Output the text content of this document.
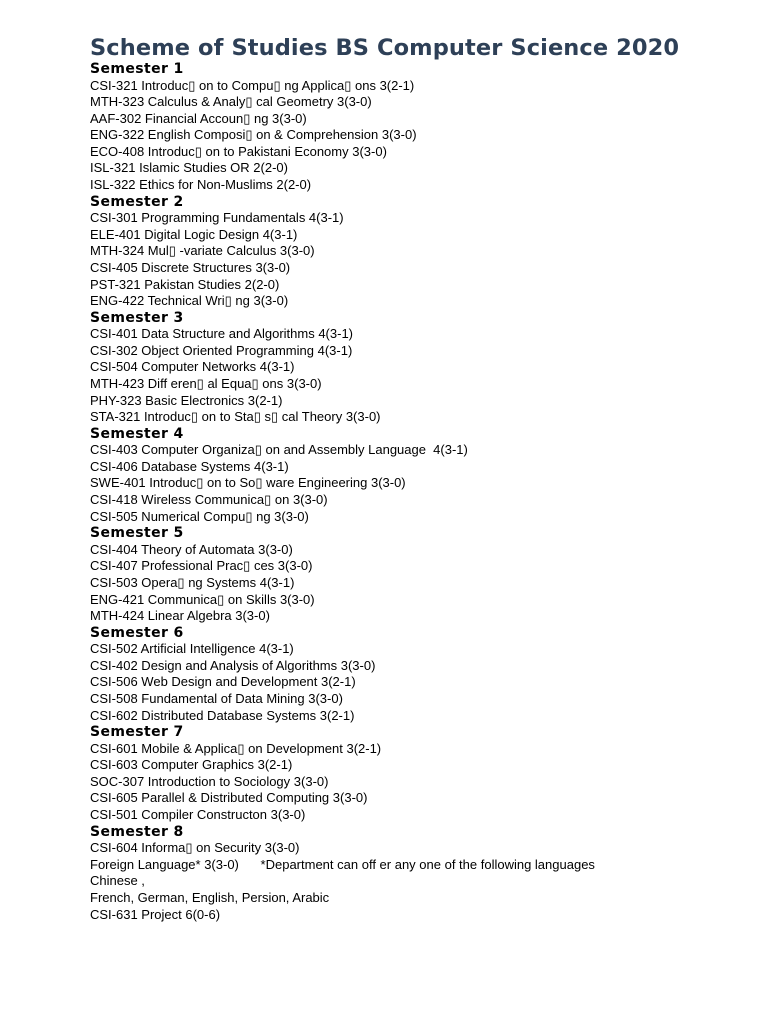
Scheme of Studies BS Computer Science 2020
Semester 1
CSI-321 Introduc▯ on to Compu▯ ng Applica▯ ons 3(2-1)
MTH-323 Calculus & Analy▯ cal Geometry 3(3-0)
AAF-302 Financial Accoun▯ ng 3(3-0)
ENG-322 English Composi▯ on & Comprehension 3(3-0)
ECO-408 Introduc▯ on to Pakistani Economy 3(3-0)
ISL-321 Islamic Studies OR 2(2-0)
ISL-322 Ethics for Non-Muslims 2(2-0)
Semester 2
CSI-301 Programming Fundamentals 4(3-1)
ELE-401 Digital Logic Design 4(3-1)
MTH-324 Mul▯ -variate Calculus 3(3-0)
CSI-405 Discrete Structures 3(3-0)
PST-321 Pakistan Studies 2(2-0)
ENG-422 Technical Wri▯ ng 3(3-0)
Semester 3
CSI-401 Data Structure and Algorithms 4(3-1)
CSI-302 Object Oriented Programming 4(3-1)
CSI-504 Computer Networks 4(3-1)
MTH-423 Diff eren▯ al Equa▯ ons 3(3-0)
PHY-323 Basic Electronics 3(2-1)
STA-321 Introduc▯ on to Sta▯ s▯ cal Theory 3(3-0)
Semester 4
CSI-403 Computer Organiza▯ on and Assembly Language  4(3-1)
CSI-406 Database Systems 4(3-1)
SWE-401 Introduc▯ on to So▯ ware Engineering 3(3-0)
CSI-418 Wireless Communica▯ on 3(3-0)
CSI-505 Numerical Compu▯ ng 3(3-0)
Semester 5
CSI-404 Theory of Automata 3(3-0)
CSI-407 Professional Prac▯ ces 3(3-0)
CSI-503 Opera▯ ng Systems 4(3-1)
ENG-421 Communica▯ on Skills 3(3-0)
MTH-424 Linear Algebra 3(3-0)
Semester 6
CSI-502 Artificial Intelligence 4(3-1)
CSI-402 Design and Analysis of Algorithms 3(3-0)
CSI-506 Web Design and Development 3(2-1)
CSI-508 Fundamental of Data Mining 3(3-0)
CSI-602 Distributed Database Systems 3(2-1)
Semester 7
CSI-601 Mobile & Applica▯ on Development 3(2-1)
CSI-603 Computer Graphics 3(2-1)
SOC-307 Introduction to Sociology 3(3-0)
CSI-605 Parallel & Distributed Computing 3(3-0)
CSI-501 Compiler Constructon 3(3-0)
Semester 8
CSI-604 Informa▯ on Security 3(3-0)
Foreign Language* 3(3-0)      *Department can off er any one of the following languages
Chinese ,
French, German, English, Persion, Arabic
CSI-631 Project 6(0-6)
